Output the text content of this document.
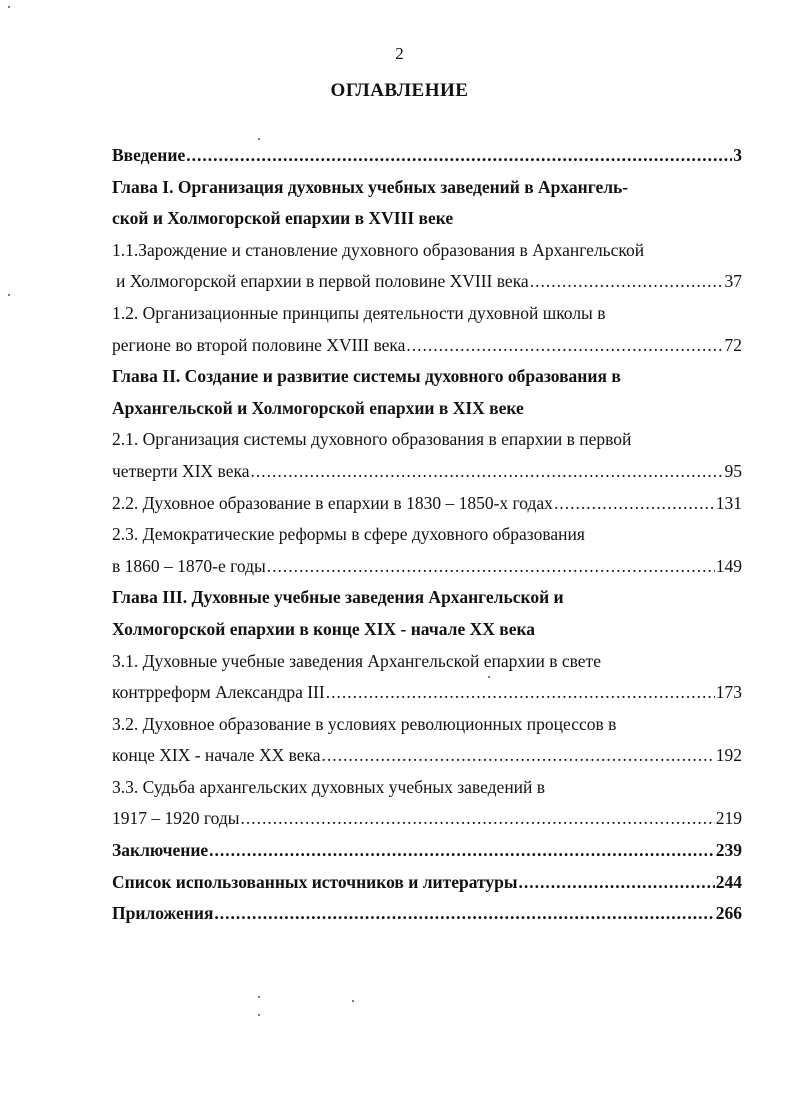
2
ОГЛАВЛЕНИЕ
Введение .....	3
Глава I. Организация духовных учебных заведений в Архангель-
ской и Холмогорской епархии в XVIII веке
1.1.Зарождение и становление духовного образования в Архангельской
и Холмогорской епархии в первой половине XVIII века .....	37
1.2. Организационные принципы деятельности духовной школы в
регионе во второй половине XVIII века .....	72
Глава II. Создание и развитие системы духовного образования в
Архангельской и Холмогорской епархии в XIX веке
2.1. Организация системы духовного образования в епархии в первой
четверти XIX века .....	95
2.2. Духовное образование в епархии в 1830 – 1850-х годах .....	131
2.3. Демократические реформы в сфере духовного образования
в 1860 – 1870-е годы .....	149
Глава III. Духовные учебные заведения Архангельской и
Холмогорской епархии в конце XIX - начале XX века
3.1. Духовные учебные заведения Архангельской епархии в свете
контрреформ Александра III .....	173
3.2. Духовное образование в условиях революционных процессов в
конце XIX - начале XX века .....	192
3.3. Судьба архангельских духовных учебных заведений в
1917 – 1920 годы .....	219
Заключение .....	239
Список использованных источников и литературы .....	244
Приложения .....	266
